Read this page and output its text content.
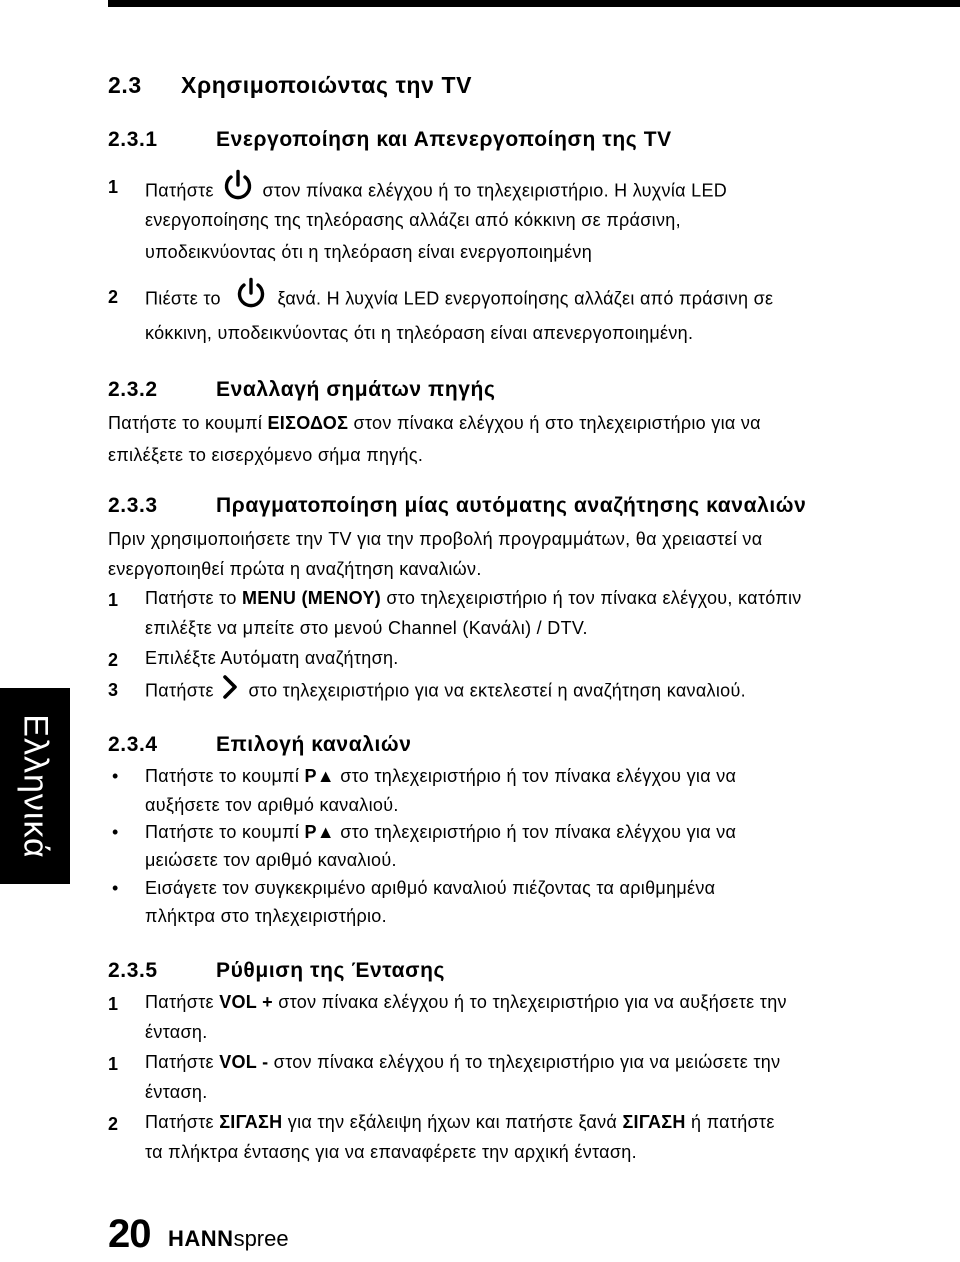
Ελληνικά
2.3 Χρησιμοποιώντας την TV
2.3.1	Ενεργοποίηση και Απενεργοποίηση της TV
1 Πατήστε	στον πίνακα ελέγχου ή το τηλεχειριστήριο. Η λυχνία LED
ενεργοποίησης της τηλεόρασης αλλάζει από κόκκινη σε πράσινη,
υποδεικνύοντας ότι η τηλεόραση είναι ενεργοποιημένη
2 Πιέστε το	ξανά. Η λυχνία LED ενεργοποίησης αλλάζει από πράσινη σε
κόκκινη, υποδεικνύοντας ότι η τηλεόραση είναι απενεργοποιημένη.
2.3.2	Εναλλαγή σημάτων πηγής
Πατήστε το κουμπί ΕΙΣΟΔΟΣ στον πίνακα ελέγχου ή στο τηλεχειριστήριο για να
επιλέξετε το εισερχόμενο σήμα πηγής.
2.3.3	Πραγματοποίηση μίας αυτόματης αναζήτησης καναλιών
Πριν χρησιμοποιήσετε την TV για την προβολή προγραμμάτων, θα χρειαστεί να
ενεργοποιηθεί πρώτα η αναζήτηση καναλιών.
1 Πατήστε το MENU (ΜΕΝΟΥ) στο τηλεχειριστήριο ή τον πίνακα ελέγχου, κατόπιν
επιλέξτε να μπείτε στο μενού Channel (Κανάλι) / DTV.
2 Επιλέξτε Αυτόματη αναζήτηση.
3 Πατήστε στο τηλεχειριστήριο για να εκτελεστεί η αναζήτηση καναλιού.
2.3.4	Επιλογή καναλιών
• Πατήστε το κουμπί P▲ στο τηλεχειριστήριο ή τον πίνακα ελέγχου για να
αυξήσετε τον αριθμό καναλιού.
• Πατήστε το κουμπί P▲ στο τηλεχειριστήριο ή τον πίνακα ελέγχου για να
μειώσετε τον αριθμό καναλιού.
• Εισάγετε τον συγκεκριμένο αριθμό καναλιού πιέζοντας τα αριθμημένα
πλήκτρα στο τηλεχειριστήριο.
2.3.5	Ρύθμιση της Έντασης
1 Πατήστε VOL + στον πίνακα ελέγχου ή το τηλεχειριστήριο για να αυξήσετε την
ένταση.
1 Πατήστε VOL - στον πίνακα ελέγχου ή το τηλεχειριστήριο για να μειώσετε την
ένταση.
2 Πατήστε ΣΙΓΑΣΗ για την εξάλειψη ήχων και πατήστε ξανά ΣΙΓΑΣΗ ή πατήστε
τα πλήκτρα έντασης για να επαναφέρετε την αρχική ένταση.
20 HANNspree
